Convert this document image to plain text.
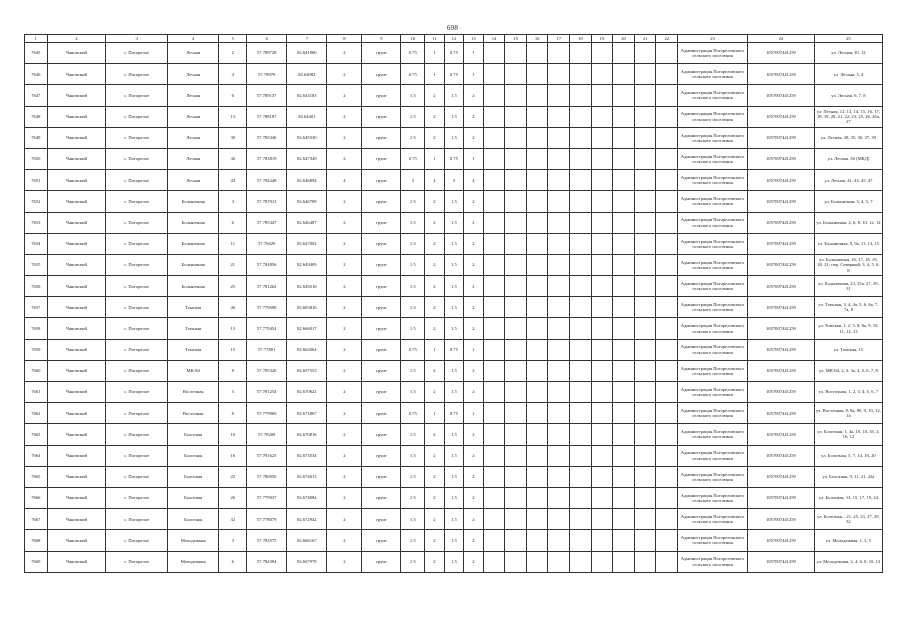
698
1	2	3	4	5	6	7	8	9	10	11	12	13	14	15	16	17	18	19	20	21	22	23	24	25
7645	Чановский	с. Погорелое	Лесная	2	57.789728	82.641960	2	грунт	0.75	1	0.75	1										Администрация Погореловского сельского поселения	1057007441259	ул. Лесная, 10, 12
7646	Чановский	с. Погорелое	Лесная	4	57.78979	82.64082	2	грунт	0.75	1	0.75	1										Администрация Погореловского сельского поселения	1057007441259	ул. Лесная, 3, 4
7647	Чановский	с. Погорелое	Лесная	6	57.789137	82.643183	2	грунт	1.5	2	1.5	2										Администрация Погореловского сельского поселения	1057007441259	ул. Лесная, 6, 7, 8
7648	Чановский	с. Погорелое	Лесная	13	57.788187	82.64401	2	грунт	1.5	2	1.5	2										Администрация Погореловского сельского поселения	1057007441259	ул. Лесная, 12, 13, 14, 15, 16, 17, 18, 19, 20, 21, 22, 23, 25, 26, 26а, 27
7649	Чановский	с. Погорелое	Лесная	30	57.785346	82.645530	2	грунт	1.5	2	1.5	2										Администрация Погореловского сельского поселения	1057007441259	ул. Лесная, 28, 35, 36, 37, 39
7650	Чановский	с. Погорелое	Лесная	36	57.783819	82.647349	2	грунт	0.75	1	0.75	1										Администрация Погореловского сельского поселения	1057007441259	ул. Лесная, 36 (МКД)
7651	Чановский	с. Погорелое	Лесная	43	57.784248	82.646894	4	грунт	3	4	3	4										Администрация Погореловского сельского поселения	1057007441259	ул. Лесная, 41, 43, 45, 47
7652	Чановский	с. Погорелое	Больничная	3	57.787013	82.646709	2	грунт	1.5	2	1.5	2										Администрация Погореловского сельского поселения	1057007441259	ул. Больничная, 3, 4, 5, 7
7653	Чановский	с. Погорелое	Больничная	6	57.785347	82.646487	2	грунт	1.5	2	1.5	2										Администрация Погореловского сельского поселения	1057007441259	ул. Больничная, 2, 6, 8, 10, 12, 14
7654	Чановский	с. Погорелое	Больничная	11	57.76029	82.647002	2	грунт	1.5	2	1.5	2										Администрация Погореловского сельского поселения	1057007441259	ул. Больничная, 9, 9а, 11, 13, 15
7655	Чановский	с. Погорелое	Больничная	21	57.784856	82.649409	2	грунт	1.5	2	1.5	2										Администрация Погореловского сельского поселения	1057007441259	ул. Больничная, 16, 17, 18, 19, 20, 21; пер. Северный, 3, 4, 5, 6, 8
7656	Чановский	с. Погорелое	Больничная	25	57.781262	82.649218	2	грунт	1.5	2	1.5	2										Администрация Погореловского сельского поселения	1057007441259	ул. Больничная, 23, 25а, 27, 29, 31
7657	Чановский	с. Погорелое	Томская	46	57.779598	82.683816	2	грунт	1.5	2	1.5	2										Администрация Погореловского сельского поселения	1057007441259	ул. Томская, 3, 4, 4а, 5, 6, 6а, 7, 7а, 8
7658	Чановский	с. Погорелое	Томская	13	57.779454	82.666017	2	грунт	1.5	2	1.5	2										Администрация Погореловского сельского поселения	1057007441259	ул. Томская, 1, 2, 3, 8, 8а, 9, 10, 11, 12, 13
7659	Чановский	с. Погорелое	Томская	15	57.77801	82.662064	2	грунт	0.75	1	0.75	1										Администрация Погореловского сельского поселения	1057007441259	ул. Томская, 15
7660	Чановский	с. Погорелое	МК-84	8	57.785326	82.657553	2	грунт	1.5	2	1.5	2										Администрация Погореловского сельского поселения	1057007441259	ул. МК-84, 2, 3, 3а, 4, 5, 6, 7, 8
7661	Чановский	с. Погорелое	Восточная	3	57.781254	82.670622	2	грунт	1.5	2	1.5	2										Администрация Погореловского сельского поселения	1057007441259	ул. Восточная, 1, 2, 3, 4, 5, 6, 7
7662	Чановский	с. Погорелое	Восточная	8	57.779969	82.671867	2	грунт	0.75	1	0.75	1										Администрация Погореловского сельского поселения	1057007441259	ул. Восточная, 8, 8а, 8б, 9, 10, 12, 14
7663	Чановский	с. Погорелое	Болотная	10	57.78209	82.670816	2	грунт	1.5	2	1.5	2										Администрация Погореловского сельского поселения	1057007441259	ул. Болотная, 1, 4а, 10, 10, 35, 2, 10, 12
7664	Чановский	с. Погорелое	Болотная	16	57.781625	82.673534	2	грунт	1.5	2	1.5	2										Администрация Погореловского сельского поселения	1057007441259	ул. Болотная, 5, 7, 14, 16, 20
7665	Чановский	с. Погорелое	Болотная	22	57.780050	82.674613	2	грунт	1.5	2	1.5	2										Администрация Погореловского сельского поселения	1057007441259	ул. Болотная, 9, 11, 21, 22а
7666	Чановский	с. Погорелое	Болотная	26	57.779937	82.674084	2	грунт	1.5	2	1.5	2										Администрация Погореловского сельского поселения	1057007441259	ул. Болотная, 13, 15, 17, 19, 24
7667	Чановский	с. Погорелое	Болотная	32	57.778079	82.672942	2	грунт	1.5	2	1.5	2										Администрация Погореловского сельского поселения	1057007441259	ул. Болотная, , 21, 25, 23, 27, 29, 32
7668	Чановский	с. Погорелое	Молодежная	3	57.783575	82.666167	2	грунт	1.5	2	1.5	2										Администрация Погореловского сельского поселения	1057007441259	ул. Молодежная, 1, 3, 5
7669	Чановский	с. Погорелое	Молодежная	6	57.784394	82.667979	2	грунт	1.5	2	1.5	2										Администрация Погореловского сельского поселения	1057007441259	ул. Молодежная, 2, 4, 6, 8, 10, 12
